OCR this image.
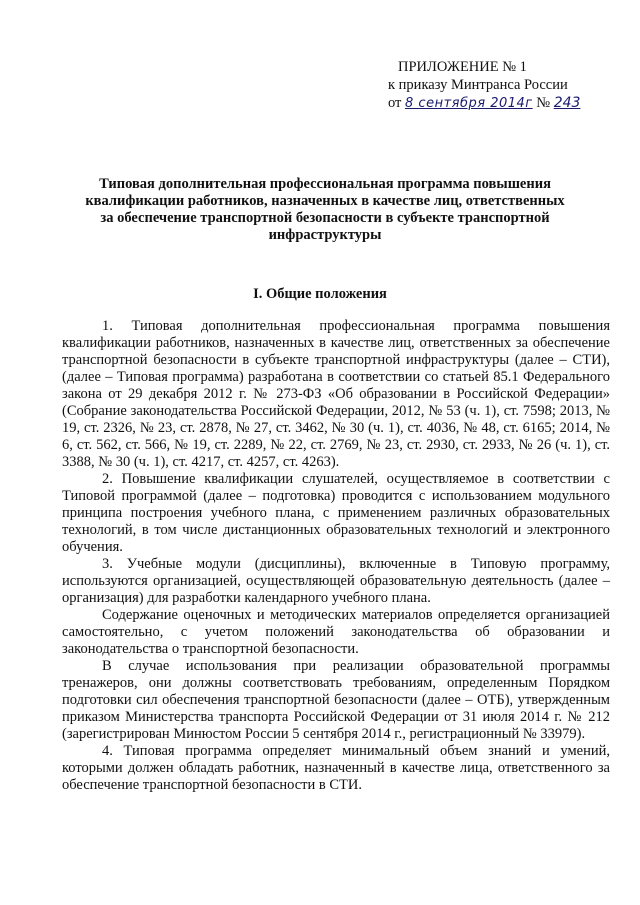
ПРИЛОЖЕНИЕ № 1
к приказу Минтранса России
от 8 сентября 2014г № 243
Типовая дополнительная профессиональная программа повышения квалификации работников, назначенных в качестве лиц, ответственных за обеспечение транспортной безопасности в субъекте транспортной инфраструктуры
I. Общие положения

1. Типовая дополнительная профессиональная программа повышения квалификации работников, назначенных в качестве лиц, ответственных за обеспечение транспортной безопасности в субъекте транспортной инфраструктуры (далее – СТИ), (далее – Типовая программа) разработана в соответствии со статьей 85.1 Федерального закона от 29 декабря 2012 г. № 273-ФЗ «Об образовании в Российской Федерации» (Собрание законодательства Российской Федерации, 2012, № 53 (ч. 1), ст. 7598; 2013, № 19, ст. 2326, № 23, ст. 2878, № 27, ст. 3462, № 30 (ч. 1), ст. 4036, № 48, ст. 6165; 2014, № 6, ст. 562, ст. 566, № 19, ст. 2289, № 22, ст. 2769, № 23, ст. 2930, ст. 2933, № 26 (ч. 1), ст. 3388, № 30 (ч. 1), ст. 4217, ст. 4257, ст. 4263).

2. Повышение квалификации слушателей, осуществляемое в соответствии с Типовой программой (далее – подготовка) проводится с использованием модульного принципа построения учебного плана, с применением различных образовательных технологий, в том числе дистанционных образовательных технологий и электронного обучения.

3. Учебные модули (дисциплины), включенные в Типовую программу, используются организацией, осуществляющей образовательную деятельность (далее – организация) для разработки календарного учебного плана.

Содержание оценочных и методических материалов определяется организацией самостоятельно, с учетом положений законодательства об образовании и законодательства о транспортной безопасности.

В случае использования при реализации образовательной программы тренажеров, они должны соответствовать требованиям, определенным Порядком подготовки сил обеспечения транспортной безопасности (далее – ОТБ), утвержденным приказом Министерства транспорта Российской Федерации от 31 июля 2014 г. № 212 (зарегистрирован Минюстом России 5 сентября 2014 г., регистрационный № 33979).

4. Типовая программа определяет минимальный объем знаний и умений, которыми должен обладать работник, назначенный в качестве лица, ответственного за обеспечение транспортной безопасности в СТИ.
